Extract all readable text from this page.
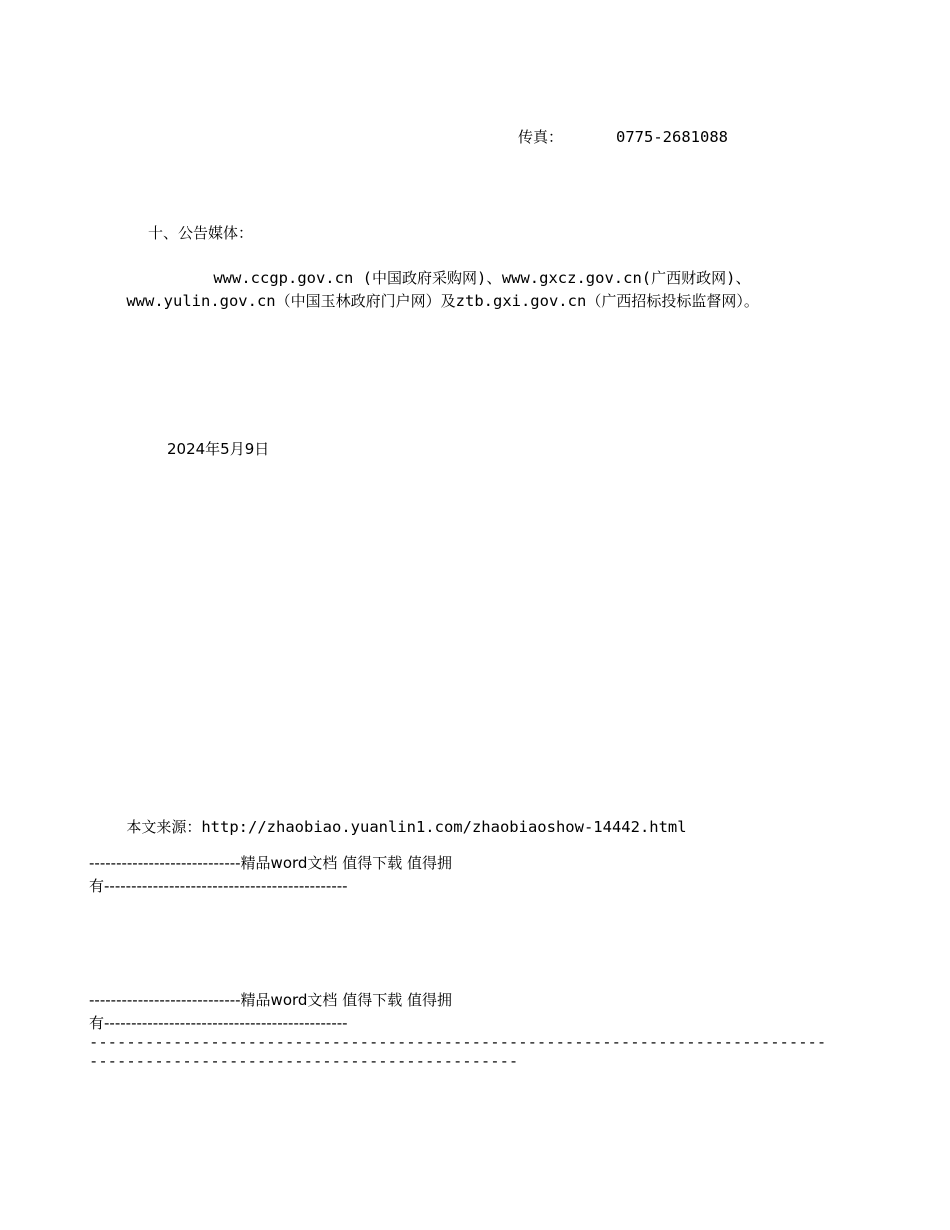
传真：	0775-2681088
十、公告媒体：

www.ccgp.gov.cn (中国政府采购网)、www.gxcz.gov.cn(广西财政网)、

www.yulin.gov.cn（中国玉林政府门户网）及ztb.gxi.gov.cn（广西招标投标监督网）。

2024年5月9日

本文来源：http://zhaobiao.yuanlin1.com/zhaobiaoshow-14442.html

----------------------------精品word文档 值得下载 值得拥
有---------------------------------------------
----------------------------精品word文档 值得下载 值得拥
有---------------------------------------------
-------------------------------------------------------------------------------
----------------------------------------------
